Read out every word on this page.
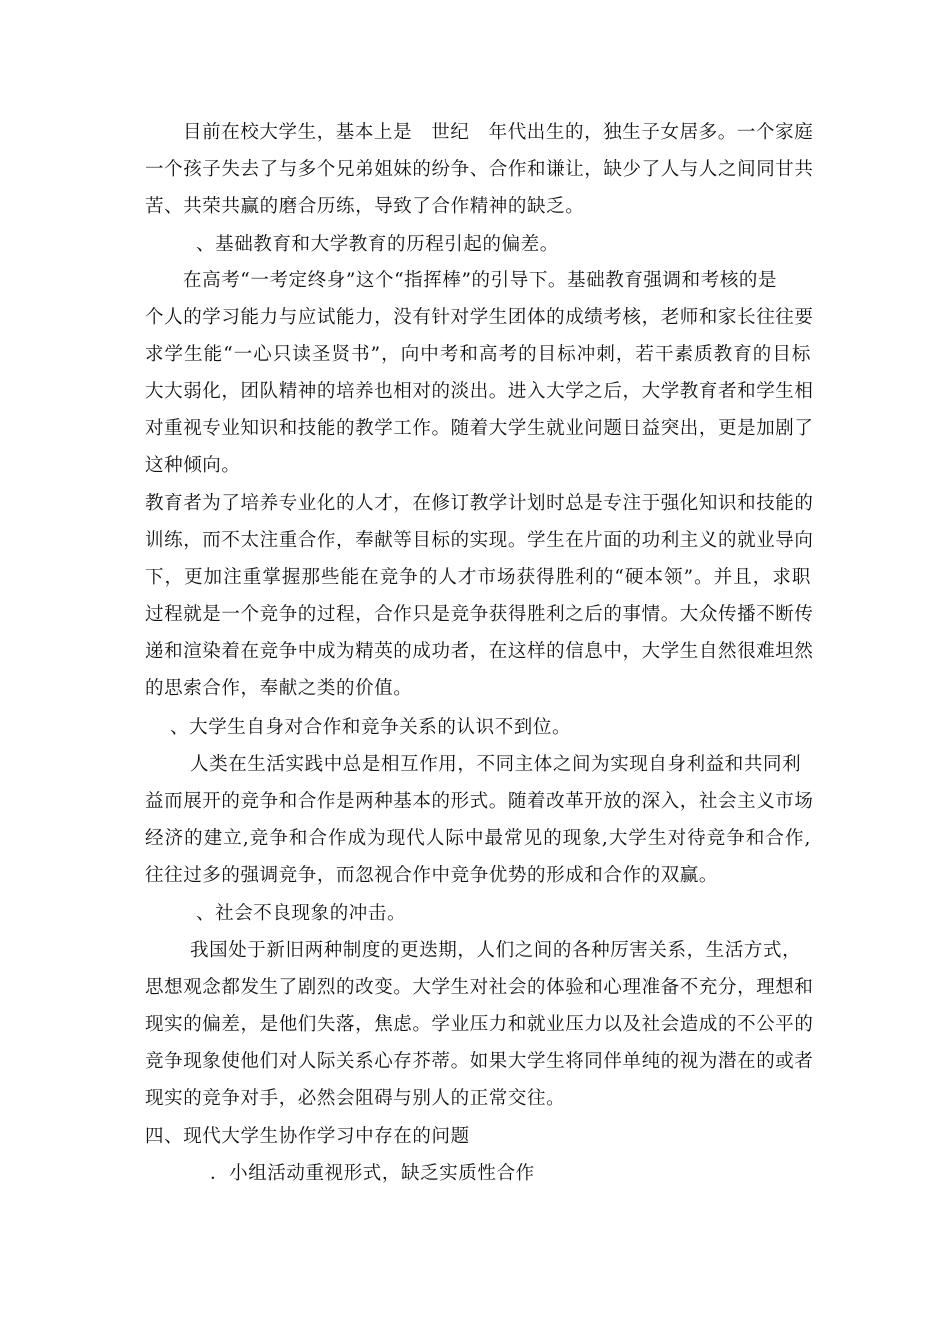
目前在校大学生，基本上是　世纪　年代出生的，独生子女居多。一个家庭
一个孩子失去了与多个兄弟姐妹的纷争、合作和谦让，缺少了人与人之间同甘共
苦、共荣共赢的磨合历练，导致了合作精神的缺乏。
、基础教育和大学教育的历程引起的偏差。
在高考“一考定终身”这个“指挥棒”的引导下。基础教育强调和考核的是
个人的学习能力与应试能力，没有针对学生团体的成绩考核，老师和家长往往要
求学生能“一心只读圣贤书”，向中考和高考的目标冲刺，若干素质教育的目标
大大弱化，团队精神的培养也相对的淡出。进入大学之后，大学教育者和学生相
对重视专业知识和技能的教学工作。随着大学生就业问题日益突出，更是加剧了
这种倾向。
教育者为了培养专业化的人才，在修订教学计划时总是专注于强化知识和技能的
训练，而不太注重合作，奉献等目标的实现。学生在片面的功利主义的就业导向
下，更加注重掌握那些能在竞争的人才市场获得胜利的“硬本领”。并且，求职
过程就是一个竞争的过程，合作只是竞争获得胜利之后的事情。大众传播不断传
递和渲染着在竞争中成为精英的成功者，在这样的信息中，大学生自然很难坦然
的思索合作，奉献之类的价值。
、大学生自身对合作和竞争关系的认识不到位。
人类在生活实践中总是相互作用，不同主体之间为实现自身利益和共同利
益而展开的竞争和合作是两种基本的形式。随着改革开放的深入，社会主义市场
经济的建立,竞争和合作成为现代人际中最常见的现象,大学生对待竞争和合作,
往往过多的强调竞争，而忽视合作中竞争优势的形成和合作的双赢。
、社会不良现象的冲击。
我国处于新旧两种制度的更迭期，人们之间的各种厉害关系，生活方式，
思想观念都发生了剧烈的改变。大学生对社会的体验和心理准备不充分，理想和
现实的偏差，是他们失落，焦虑。学业压力和就业压力以及社会造成的不公平的
竞争现象使他们对人际关系心存芥蒂。如果大学生将同伴单纯的视为潜在的或者
现实的竞争对手，必然会阻碍与别人的正常交往。
四、现代大学生协作学习中存在的问题
．小组活动重视形式，缺乏实质性合作
